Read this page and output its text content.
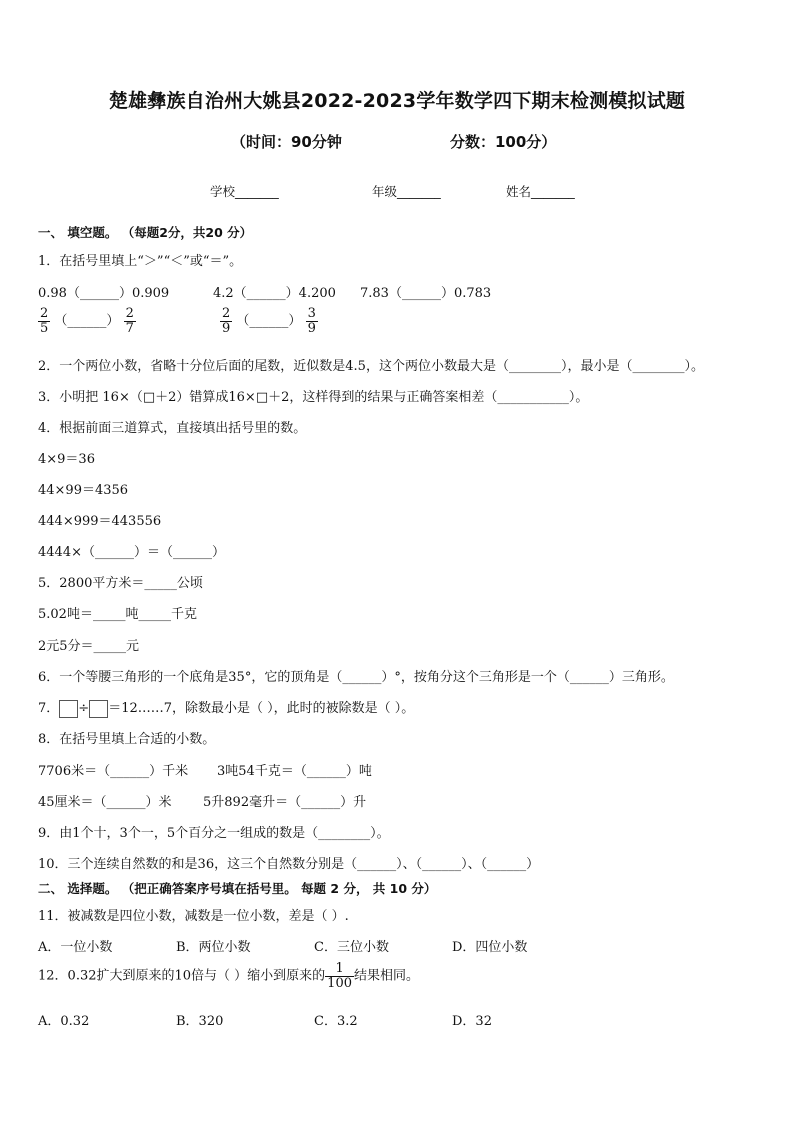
楚雄彝族自治州大姚县2022-2023学年数学四下期末检测模拟试题
（时间：90分钟	分数：100分）
学校_______	年级_______	姓名_______
一、 填空题。 （每题2分，共20 分）
1．在括号里填上“＞”“＜”或“＝”。
0.98（______）0.909	4.2（______）4.200 7.83（______）0.783
$\frac{2}{5}$ （______） $\frac{2}{7}$	$\frac{2}{9}$ （______） $\frac{3}{9}$
2．一个两位小数，省略十分位后面的尾数，近似数是4.5，这个两位小数最大是（________），最小是（________）。
3．小明把 16×（□＋2）错算成16×□＋2，这样得到的结果与正确答案相差（___________）。
4．根据前面三道算式，直接填出括号里的数。
4×9＝36
44×99＝4356
444×999＝443556
4444×（______）＝（______）
5．2800平方米＝_____公顷
5.02吨＝_____吨_____千克
2元5分＝_____元
6．一个等腰三角形的一个底角是35°，它的顶角是（______）°，按角分这个三角形是一个（______）三角形。
7． ÷ ＝12……7，除数最小是（ ），此时的被除数是（ ）。
8．在括号里填上合适的小数。
7706米＝（______）千米 3吨54千克＝（______）吨
45厘米＝（______）米 5升892毫升＝（______）升
9．由1个十，3个一，5个百分之一组成的数是（________）。
10．三个连续自然数的和是36，这三个自然数分别是（______）、（______）、（______）
二、 选择题。 （把正确答案序号填在括号里。 每题 2 分， 共 10 分）
11．被减数是四位小数，减数是一位小数，差是（ ）.
A．一位小数	B．两位小数	C．三位小数	D．四位小数
12．0.32扩大到原来的10倍与（ ）缩小到原来的 $\frac{1}{100}$ 结果相同。
A．0.32	B．320	C．3.2	D．32
